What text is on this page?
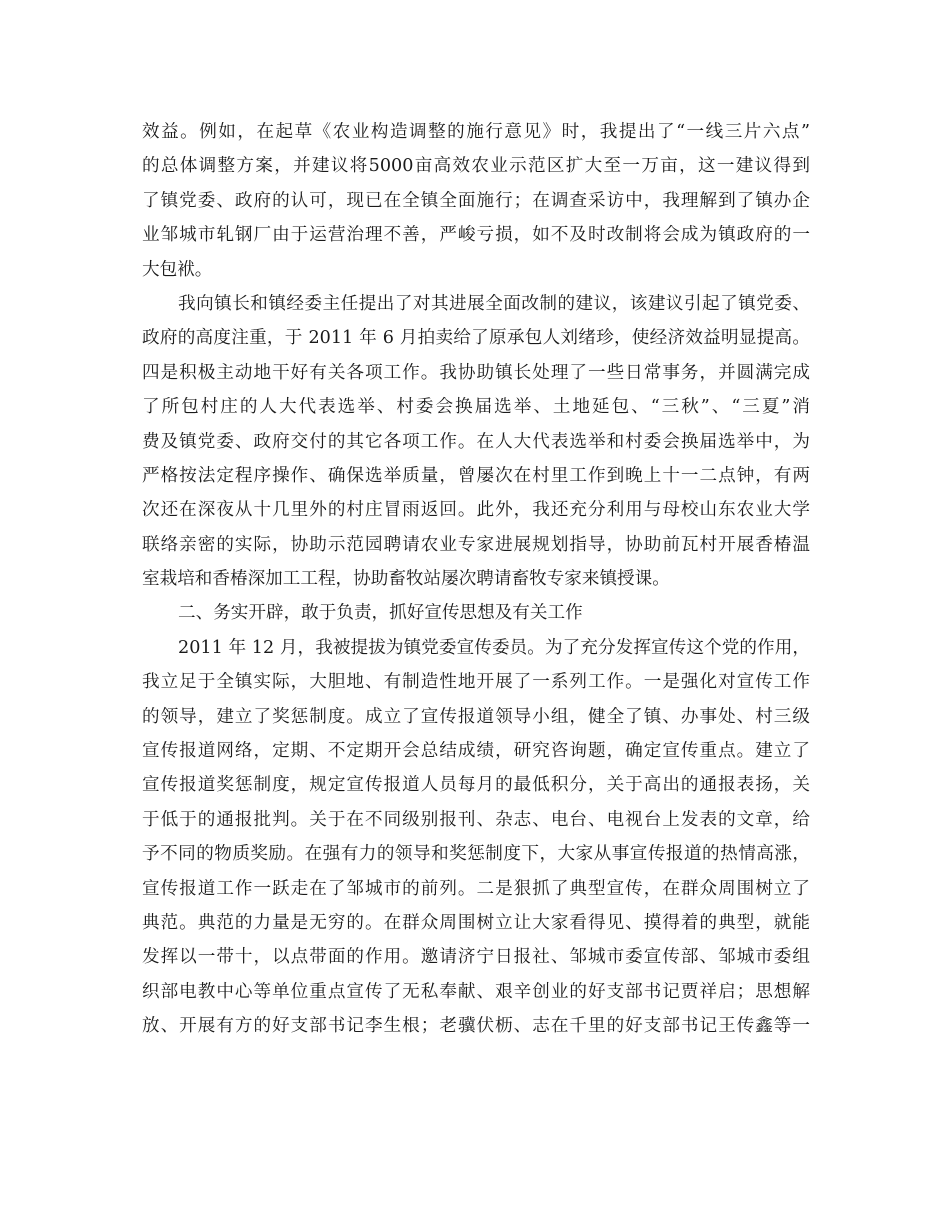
效益。例如，在起草《农业构造调整的施行意见》时，我提出了“一线三片六点”
的总体调整方案，并建议将5000亩高效农业示范区扩大至一万亩，这一建议得到
了镇党委、政府的认可，现已在全镇全面施行；在调查采访中，我理解到了镇办企
业邹城市轧钢厂由于运营治理不善，严峻亏损，如不及时改制将会成为镇政府的一
大包袱。
我向镇长和镇经委主任提出了对其进展全面改制的建议，该建议引起了镇党委、
政府的高度注重，于 2011 年 6 月拍卖给了原承包人刘绪珍，使经济效益明显提高。
四是积极主动地干好有关各项工作。我协助镇长处理了一些日常事务，并圆满完成
了所包村庄的人大代表选举、村委会换届选举、土地延包、“三秋”、“三夏”消
费及镇党委、政府交付的其它各项工作。在人大代表选举和村委会换届选举中，为
严格按法定程序操作、确保选举质量，曾屡次在村里工作到晚上十一二点钟，有两
次还在深夜从十几里外的村庄冒雨返回。此外，我还充分利用与母校山东农业大学
联络亲密的实际，协助示范园聘请农业专家进展规划指导，协助前瓦村开展香椿温
室栽培和香椿深加工工程，协助畜牧站屡次聘请畜牧专家来镇授课。
二、务实开辟，敢于负责，抓好宣传思想及有关工作
2011 年 12 月，我被提拔为镇党委宣传委员。为了充分发挥宣传这个党的作用，
我立足于全镇实际，大胆地、有制造性地开展了一系列工作。一是强化对宣传工作
的领导，建立了奖惩制度。成立了宣传报道领导小组，健全了镇、办事处、村三级
宣传报道网络，定期、不定期开会总结成绩，研究咨询题，确定宣传重点。建立了
宣传报道奖惩制度，规定宣传报道人员每月的最低积分，关于高出的通报表扬，关
于低于的通报批判。关于在不同级别报刊、杂志、电台、电视台上发表的文章，给
予不同的物质奖励。在强有力的领导和奖惩制度下，大家从事宣传报道的热情高涨，
宣传报道工作一跃走在了邹城市的前列。二是狠抓了典型宣传，在群众周围树立了
典范。典范的力量是无穷的。在群众周围树立让大家看得见、摸得着的典型，就能
发挥以一带十，以点带面的作用。邀请济宁日报社、邹城市委宣传部、邹城市委组
织部电教中心等单位重点宣传了无私奉献、艰辛创业的好支部书记贾祥启；思想解
放、开展有方的好支部书记李生根；老骥伏枥、志在千里的好支部书记王传鑫等一
